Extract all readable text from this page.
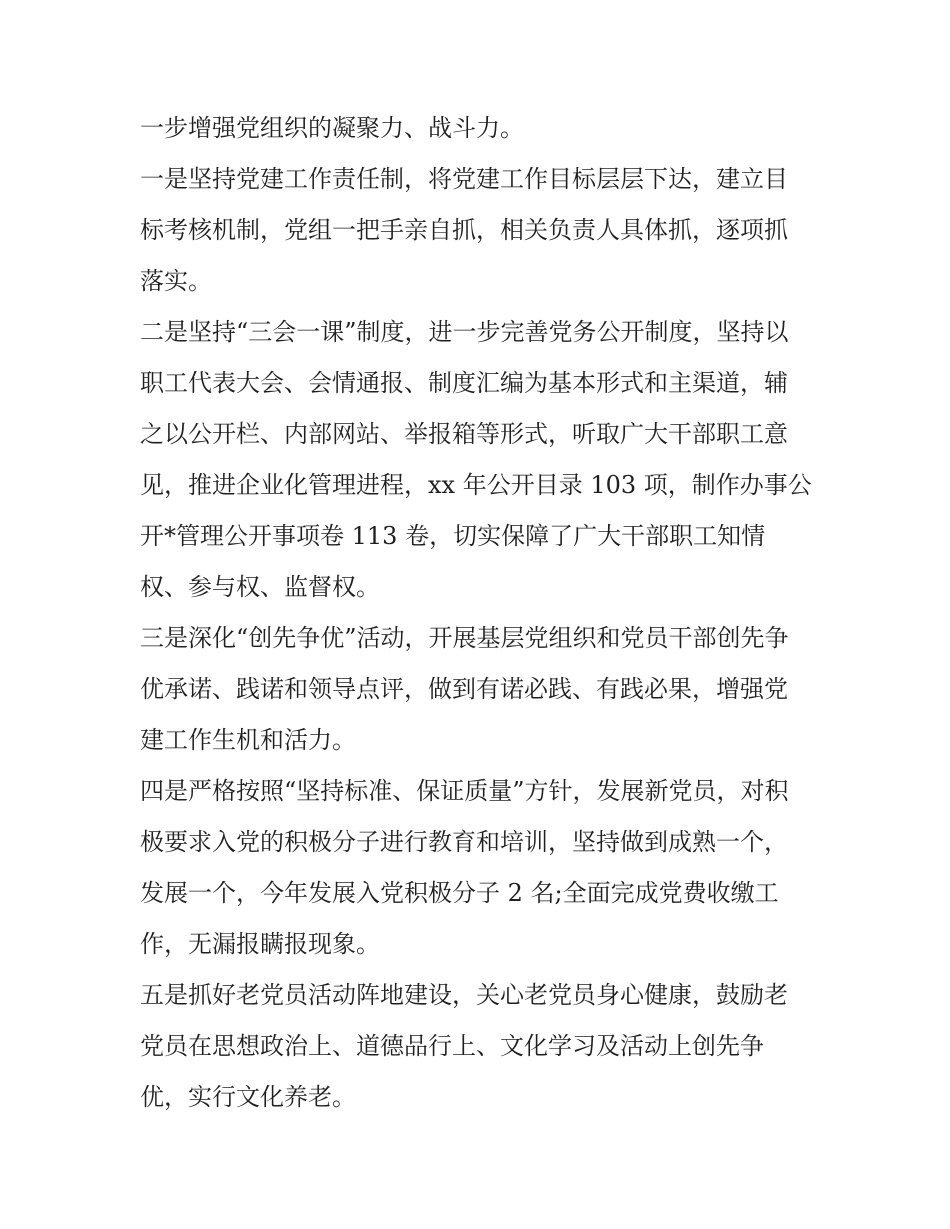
一步增强党组织的凝聚力、战斗力。
一是坚持党建工作责任制，将党建工作目标层层下达，建立目
标考核机制，党组一把手亲自抓，相关负责人具体抓，逐项抓
落实。
二是坚持“三会一课”制度，进一步完善党务公开制度，坚持以
职工代表大会、会情通报、制度汇编为基本形式和主渠道，辅
之以公开栏、内部网站、举报箱等形式，听取广大干部职工意
见，推进企业化管理进程，xx 年公开目录 103 项，制作办事公
开*管理公开事项卷 113 卷，切实保障了广大干部职工知情
权、参与权、监督权。
三是深化“创先争优”活动，开展基层党组织和党员干部创先争
优承诺、践诺和领导点评，做到有诺必践、有践必果，增强党
建工作生机和活力。
四是严格按照“坚持标准、保证质量”方针，发展新党员，对积
极要求入党的积极分子进行教育和培训，坚持做到成熟一个，
发展一个，今年发展入党积极分子 2 名;全面完成党费收缴工
作，无漏报瞒报现象。
五是抓好老党员活动阵地建设，关心老党员身心健康，鼓励老
党员在思想政治上、道德品行上、文化学习及活动上创先争
优，实行文化养老。
